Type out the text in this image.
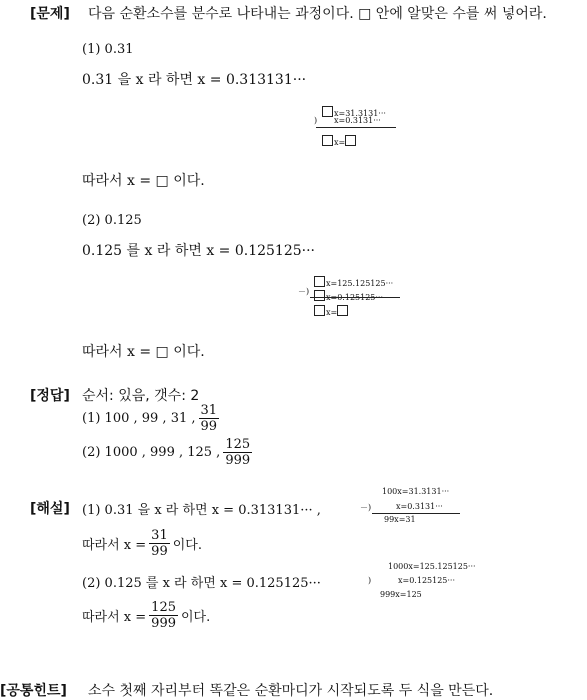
[문제] 다음 순환소수를 분수로 나타내는 과정이다. □ 안에 알맞은 수를 써 넣어라.
(1) 0.31
0.31 을 x 라 하면 x = 0.313131···
x=31.3131···
) x=0.3131···
x=
따라서 x = □ 이다.
(2) 0.125
0.125 를 x 라 하면 x = 0.125125···
x=125.125125···
－)
x=0.125125···
x=
따라서 x = □ 이다.
[정답] 순서: 있음, 갯수: 2
(1) 100 , 99 , 31 , $\frac{31}{99}$
(2) 1000 , 999 , 125 , $\frac{125}{999}$
[해설] (1) 0.31 을 x 라 하면 x = 0.313131··· ,
100x=31.3131···
－)	x=0.3131···
99x=31
따라서 $x = \frac{31}{99}$ 이다.
(2) 0.125 를 x 라 하면 x = 0.125125···
1000x=125.125125···
)	x=0.125125···
999x=125
따라서 $x = \frac{125}{999}$ 이다.
[공통힌트] 소수 첫째 자리부터 똑같은 순환마디가 시작되도록 두 식을 만든다.
